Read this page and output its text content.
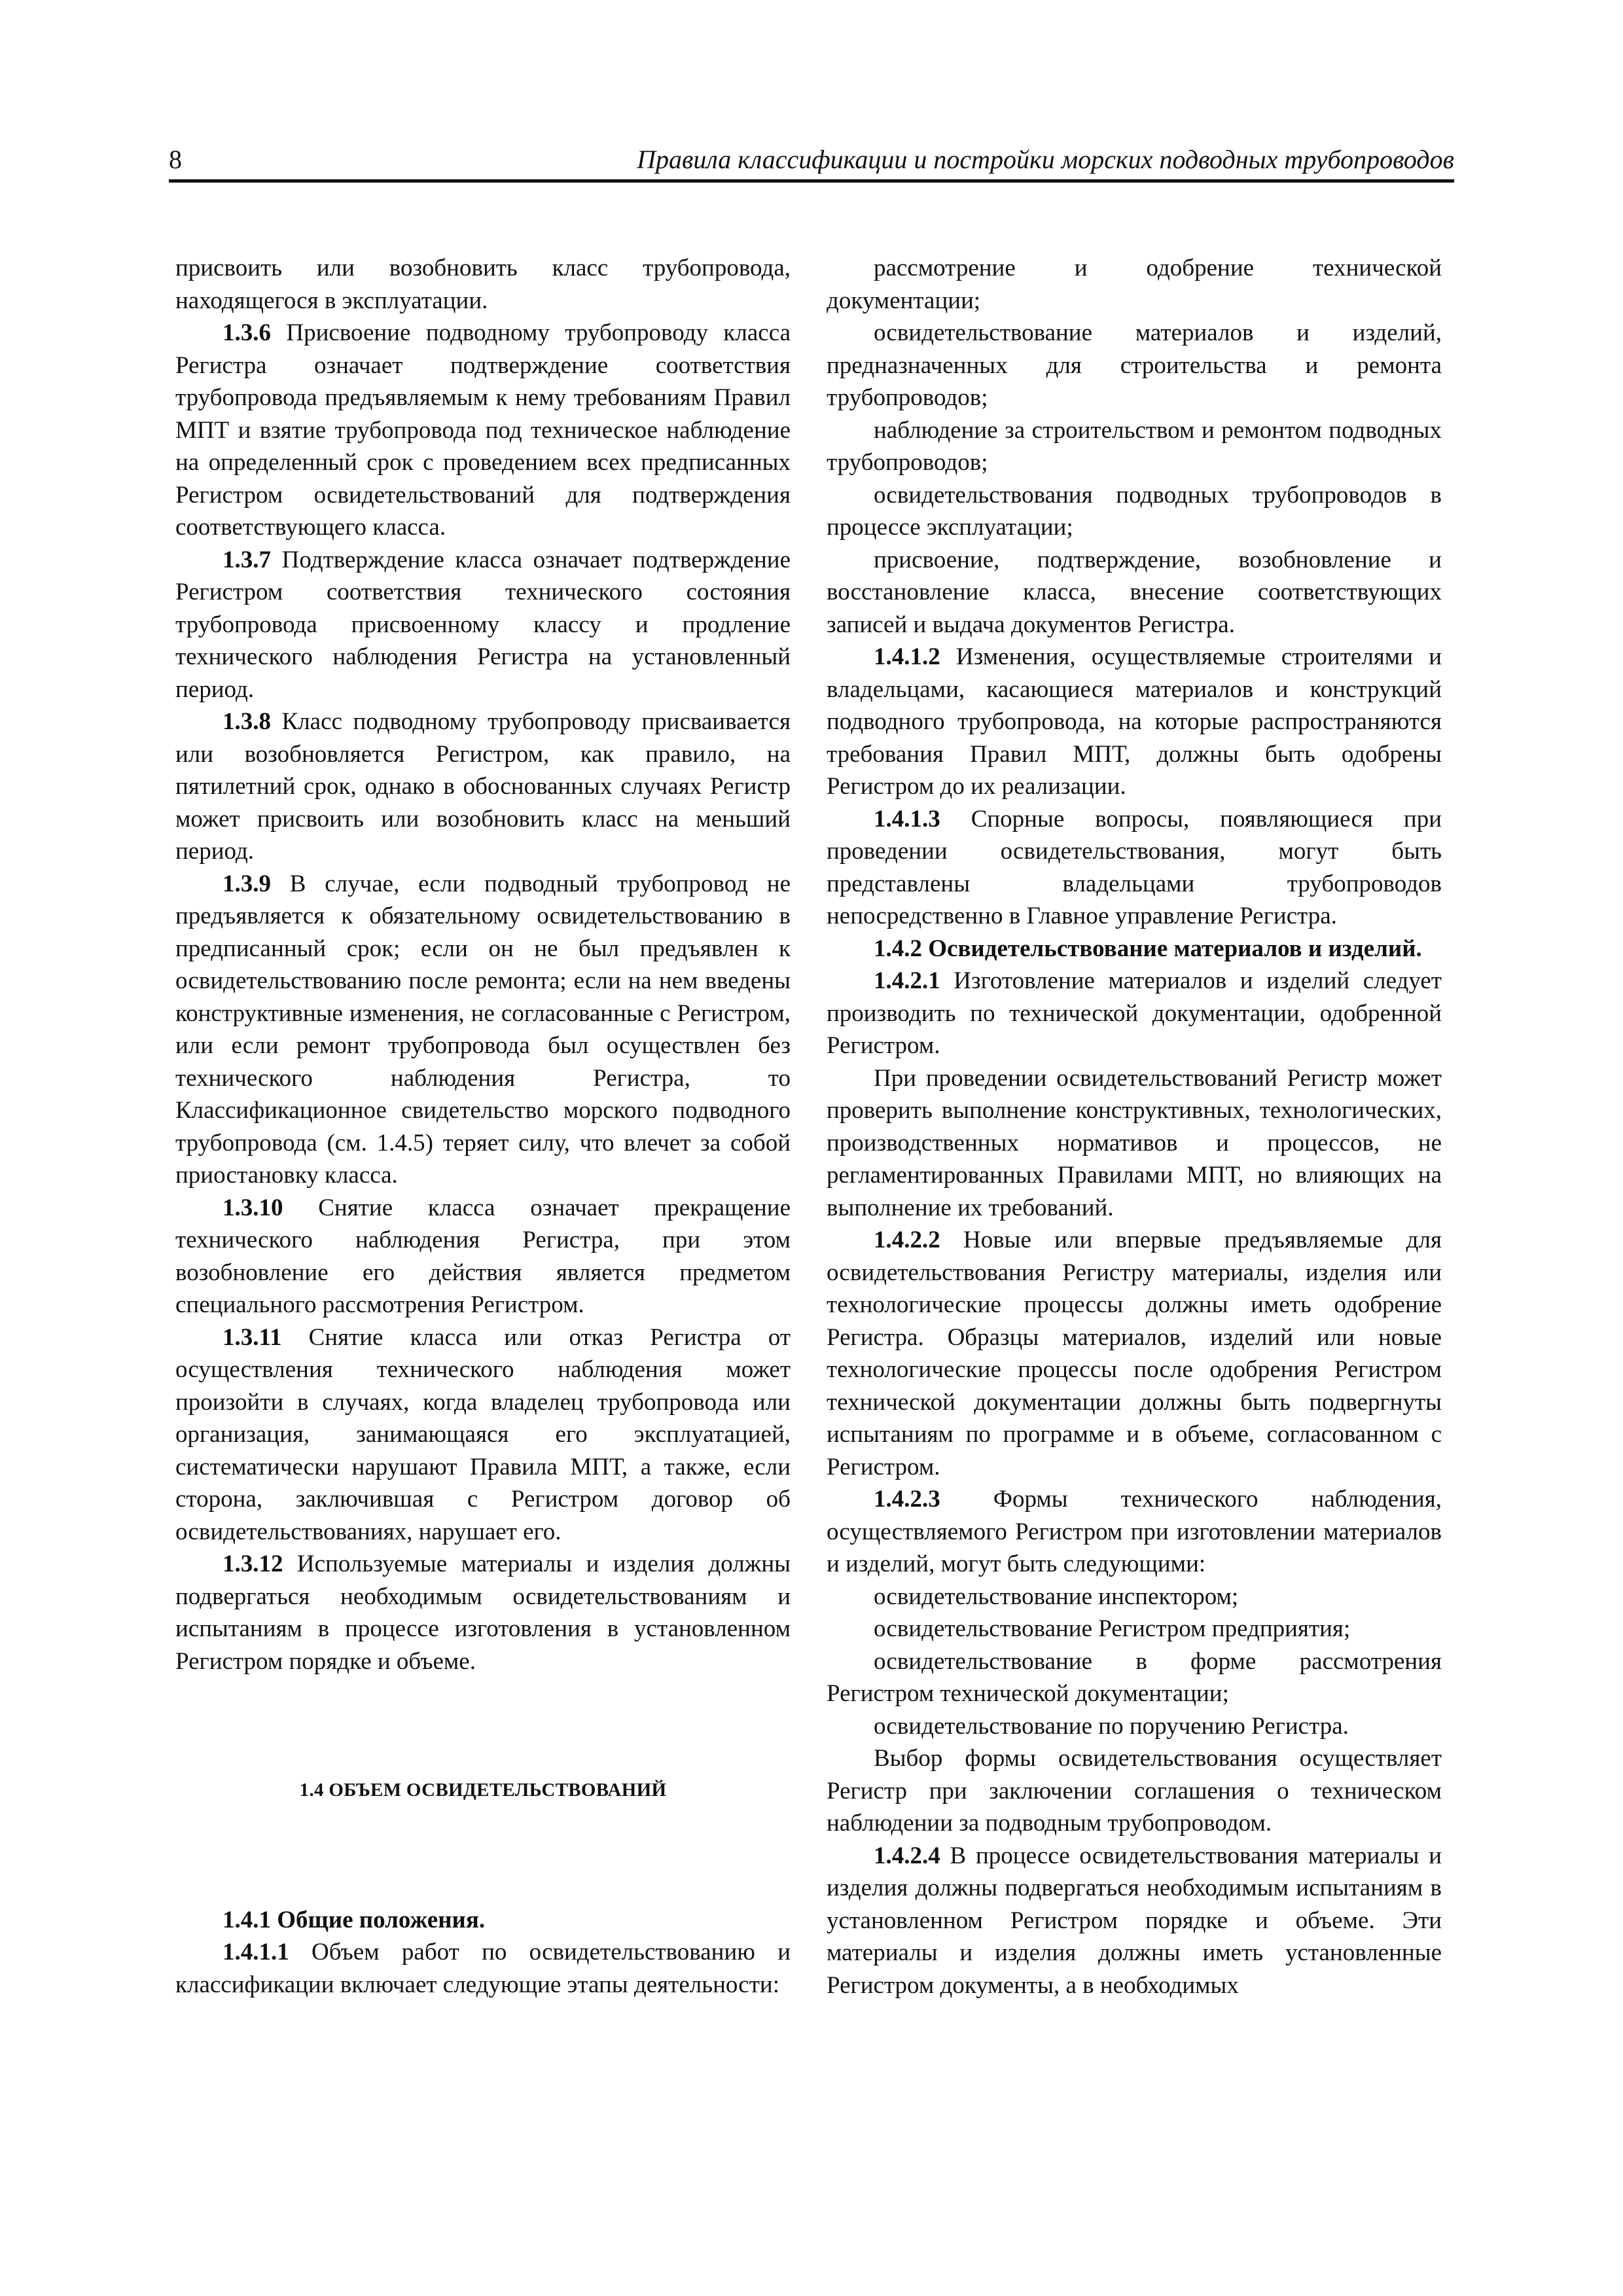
8	Правила классификации и постройки морских подводных трубопроводов

присвоить или возобновить класс трубопровода, находящегося в эксплуатации.

1.3.6 Присвоение подводному трубопроводу класса Регистра означает подтверждение соответствия трубопровода предъявляемым к нему требованиям Правил МПТ и взятие трубопровода под техническое наблюдение на определенный срок с проведением всех предписанных Регистром освидетельствований для подтверждения соответствующего класса.

1.3.7 Подтверждение класса означает подтверждение Регистром соответствия технического состояния трубопровода присвоенному классу и продление технического наблюдения Регистра на установленный период.

1.3.8 Класс подводному трубопроводу присваивается или возобновляется Регистром, как правило, на пятилетний срок, однако в обоснованных случаях Регистр может присвоить или возобновить класс на меньший период.

1.3.9 В случае, если подводный трубопровод не предъявляется к обязательному освидетельствованию в предписанный срок; если он не был предъявлен к освидетельствованию после ремонта; если на нем введены конструктивные изменения, не согласованные с Регистром, или если ремонт трубопровода был осуществлен без технического наблюдения Регистра, то Классификационное свидетельство морского подводного трубопровода (см. 1.4.5) теряет силу, что влечет за собой приостановку класса.

1.3.10 Снятие класса означает прекращение технического наблюдения Регистра, при этом возобновление его действия является предметом специального рассмотрения Регистром.

1.3.11 Снятие класса или отказ Регистра от осуществления технического наблюдения может произойти в случаях, когда владелец трубопровода или организация, занимающаяся его эксплуатацией, систематически нарушают Правила МПТ, а также, если сторона, заключившая с Регистром договор об освидетельствованиях, нарушает его.

1.3.12 Используемые материалы и изделия должны подвергаться необходимым освидетельствованиям и испытаниям в процессе изготовления в установленном Регистром порядке и объеме.

1.4 ОБЪЕМ ОСВИДЕТЕЛЬСТВОВАНИЙ

1.4.1 Общие положения.

1.4.1.1 Объем работ по освидетельствованию и классификации включает следующие этапы деятельности:

рассмотрение и одобрение технической документации;

освидетельствование материалов и изделий, предназначенных для строительства и ремонта трубопроводов;

наблюдение за строительством и ремонтом подводных трубопроводов;

освидетельствования подводных трубопроводов в процессе эксплуатации;

присвоение, подтверждение, возобновление и восстановление класса, внесение соответствующих записей и выдача документов Регистра.

1.4.1.2 Изменения, осуществляемые строителями и владельцами, касающиеся материалов и конструкций подводного трубопровода, на которые распространяются требования Правил МПТ, должны быть одобрены Регистром до их реализации.

1.4.1.3 Спорные вопросы, появляющиеся при проведении освидетельствования, могут быть представлены владельцами трубопроводов непосредственно в Главное управление Регистра.

1.4.2 Освидетельствование материалов и изделий.

1.4.2.1 Изготовление материалов и изделий следует производить по технической документации, одобренной Регистром.

При проведении освидетельствований Регистр может проверить выполнение конструктивных, технологических, производственных нормативов и процессов, не регламентированных Правилами МПТ, но влияющих на выполнение их требований.

1.4.2.2 Новые или впервые предъявляемые для освидетельствования Регистру материалы, изделия или технологические процессы должны иметь одобрение Регистра. Образцы материалов, изделий или новые технологические процессы после одобрения Регистром технической документации должны быть подвергнуты испытаниям по программе и в объеме, согласованном с Регистром.

1.4.2.3 Формы технического наблюдения, осуществляемого Регистром при изготовлении материалов и изделий, могут быть следующими:

освидетельствование инспектором;

освидетельствование Регистром предприятия;

освидетельствование в форме рассмотрения Регистром технической документации;

освидетельствование по поручению Регистра.

Выбор формы освидетельствования осуществляет Регистр при заключении соглашения о техническом наблюдении за подводным трубопроводом.

1.4.2.4 В процессе освидетельствования материалы и изделия должны подвергаться необходимым испытаниям в установленном Регистром порядке и объеме. Эти материалы и изделия должны иметь установленные Регистром документы, а в необходимых
